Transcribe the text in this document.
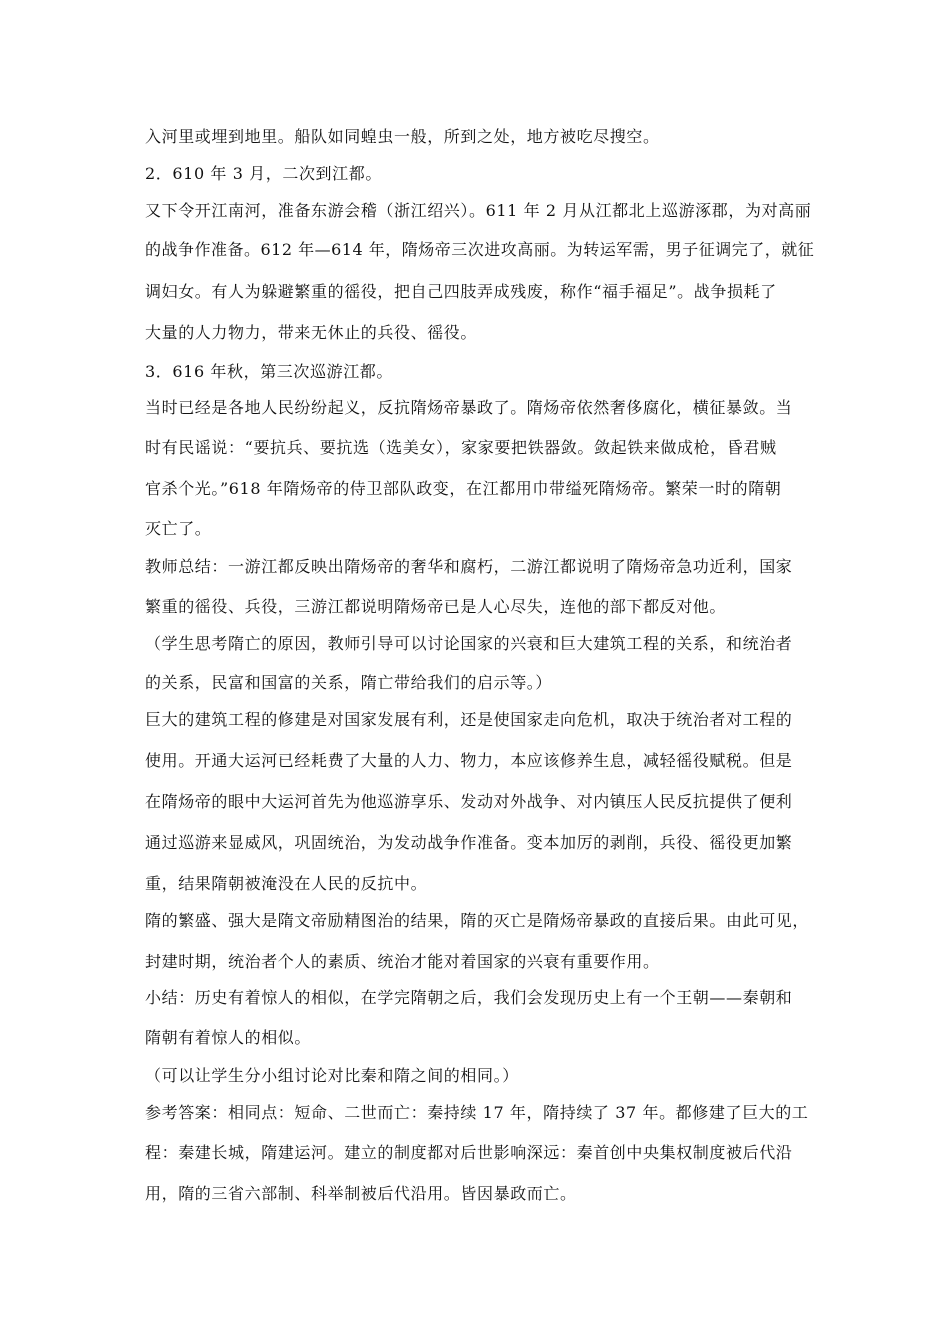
入河里或埋到地里。船队如同蝗虫一般，所到之处，地方被吃尽搜空。
2．610 年 3 月，二次到江都。
又下令开江南河，准备东游会稽（浙江绍兴）。611 年 2 月从江都北上巡游涿郡，为对高丽
的战争作准备。612 年—614 年，隋炀帝三次进攻高丽。为转运军需，男子征调完了，就征
调妇女。有人为躲避繁重的徭役，把自己四肢弄成残废，称作“福手福足”。战争损耗了
大量的人力物力，带来无休止的兵役、徭役。
3．616 年秋，第三次巡游江都。
当时已经是各地人民纷纷起义，反抗隋炀帝暴政了。隋炀帝依然奢侈腐化，横征暴敛。当
时有民谣说：“要抗兵、要抗选（选美女），家家要把铁器敛。敛起铁来做成枪，昏君贼
官杀个光。”618 年隋炀帝的侍卫部队政变，在江都用巾带缢死隋炀帝。繁荣一时的隋朝
灭亡了。
教师总结：一游江都反映出隋炀帝的奢华和腐朽，二游江都说明了隋炀帝急功近利，国家
繁重的徭役、兵役，三游江都说明隋炀帝已是人心尽失，连他的部下都反对他。
（学生思考隋亡的原因，教师引导可以讨论国家的兴衰和巨大建筑工程的关系，和统治者
的关系，民富和国富的关系，隋亡带给我们的启示等。）
巨大的建筑工程的修建是对国家发展有利，还是使国家走向危机，取决于统治者对工程的
使用。开通大运河已经耗费了大量的人力、物力，本应该修养生息，减轻徭役赋税。但是
在隋炀帝的眼中大运河首先为他巡游享乐、发动对外战争、对内镇压人民反抗提供了便利
通过巡游来显威风，巩固统治，为发动战争作准备。变本加厉的剥削，兵役、徭役更加繁
重，结果隋朝被淹没在人民的反抗中。
隋的繁盛、强大是隋文帝励精图治的结果，隋的灭亡是隋炀帝暴政的直接后果。由此可见，
封建时期，统治者个人的素质、统治才能对着国家的兴衰有重要作用。
小结：历史有着惊人的相似，在学完隋朝之后，我们会发现历史上有一个王朝——秦朝和
隋朝有着惊人的相似。
（可以让学生分小组讨论对比秦和隋之间的相同。）
参考答案：相同点：短命、二世而亡：秦持续 17 年，隋持续了 37 年。都修建了巨大的工
程：秦建长城，隋建运河。建立的制度都对后世影响深远：秦首创中央集权制度被后代沿
用，隋的三省六部制、科举制被后代沿用。皆因暴政而亡。
